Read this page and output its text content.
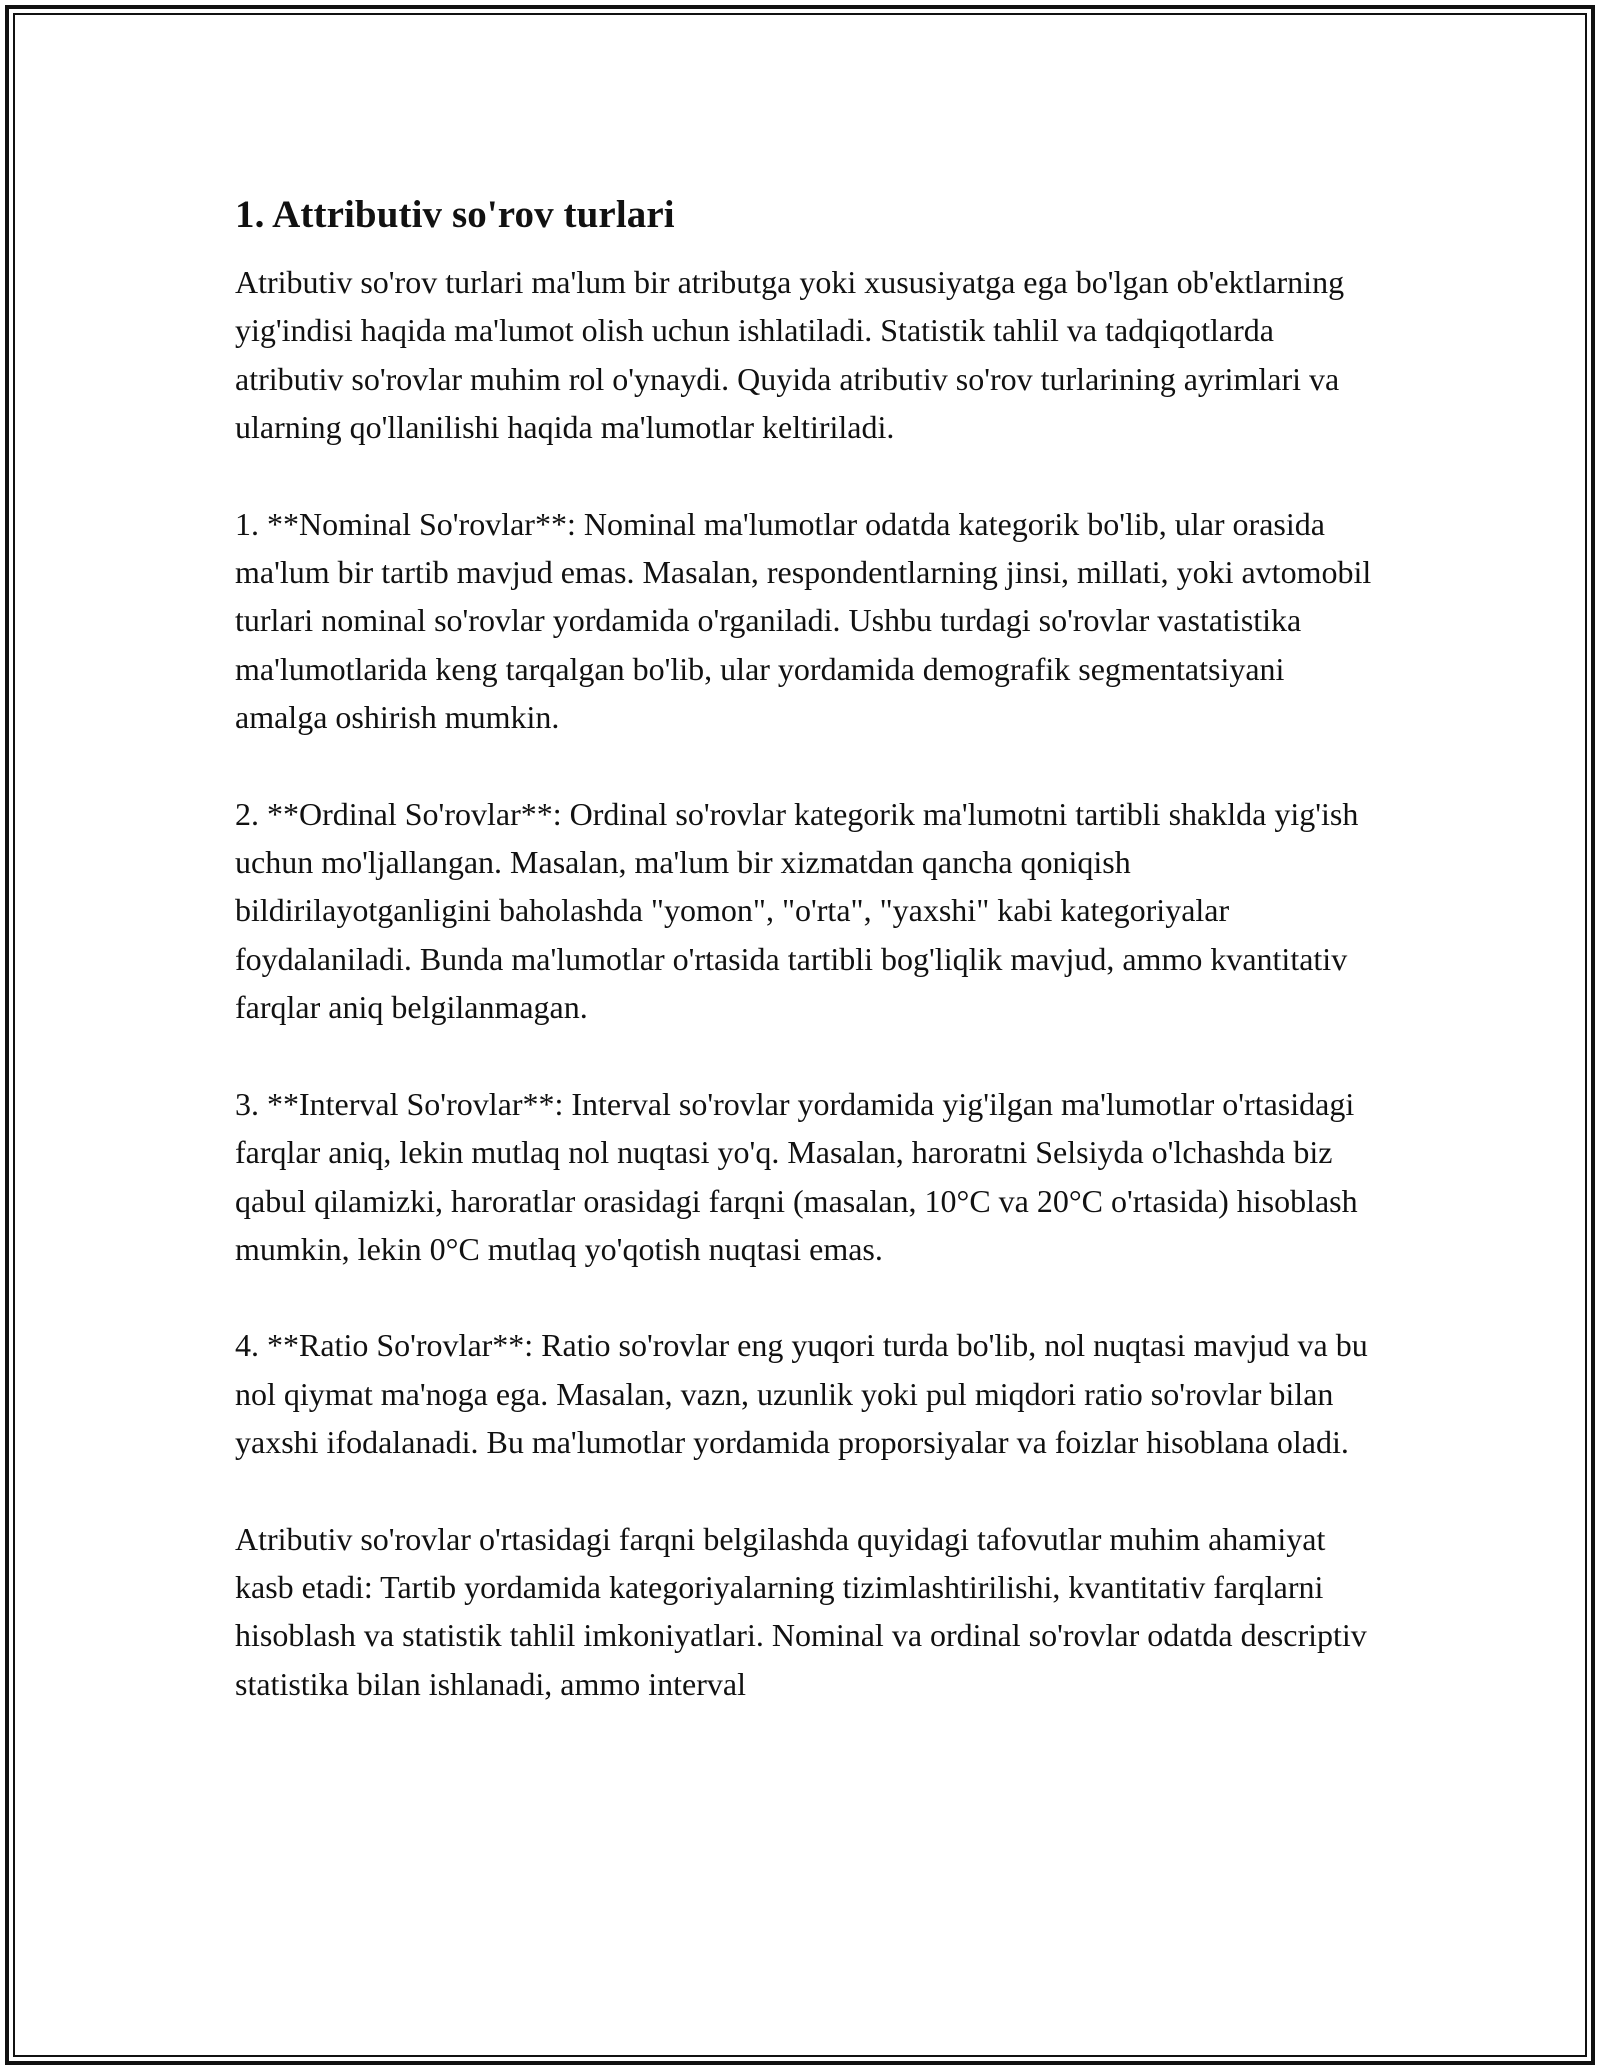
1. Attributiv so'rov turlari

Atributiv so'rov turlari ma'lum bir atributga yoki xususiyatga ega bo'lgan ob'ektlarning yig'indisi haqida ma'lumot olish uchun ishlatiladi. Statistik tahlil va tadqiqotlarda atributiv so'rovlar muhim rol o'ynaydi. Quyida atributiv so'rov turlarining ayrimlari va ularning qo'llanilishi haqida ma'lumotlar keltiriladi.

1. **Nominal So'rovlar**: Nominal ma'lumotlar odatda kategorik bo'lib, ular orasida ma'lum bir tartib mavjud emas. Masalan, respondentlarning jinsi, millati, yoki avtomobil turlari nominal so'rovlar yordamida o'rganiladi. Ushbu turdagi so'rovlar vastatistika ma'lumotlarida keng tarqalgan bo'lib, ular yordamida demografik segmentatsiyani amalga oshirish mumkin.

2. **Ordinal So'rovlar**: Ordinal so'rovlar kategorik ma'lumotni tartibli shaklda yig'ish uchun mo'ljallangan. Masalan, ma'lum bir xizmatdan qancha qoniqish bildirilayotganligini baholashda "yomon", "o'rta", "yaxshi" kabi kategoriyalar foydalaniladi. Bunda ma'lumotlar o'rtasida tartibli bog'liqlik mavjud, ammo kvantitativ farqlar aniq belgilanmagan.

3. **Interval So'rovlar**: Interval so'rovlar yordamida yig'ilgan ma'lumotlar o'rtasidagi farqlar aniq, lekin mutlaq nol nuqtasi yo'q. Masalan, haroratni Selsiyda o'lchashda biz qabul qilamizki, haroratlar orasidagi farqni (masalan, 10°C va 20°C o'rtasida) hisoblash mumkin, lekin 0°C mutlaq yo'qotish nuqtasi emas.

4. **Ratio So'rovlar**: Ratio so'rovlar eng yuqori turda bo'lib, nol nuqtasi mavjud va bu nol qiymat ma'noga ega. Masalan, vazn, uzunlik yoki pul miqdori ratio so'rovlar bilan yaxshi ifodalanadi. Bu ma'lumotlar yordamida proporsiyalar va foizlar hisoblana oladi.

Atributiv so'rovlar o'rtasidagi farqni belgilashda quyidagi tafovutlar muhim ahamiyat kasb etadi: Tartib yordamida kategoriyalarning tizimlashtirilishi, kvantitativ farqlarni hisoblash va statistik tahlil imkoniyatlari. Nominal va ordinal so'rovlar odatda descriptiv statistika bilan ishlanadi, ammo interval
